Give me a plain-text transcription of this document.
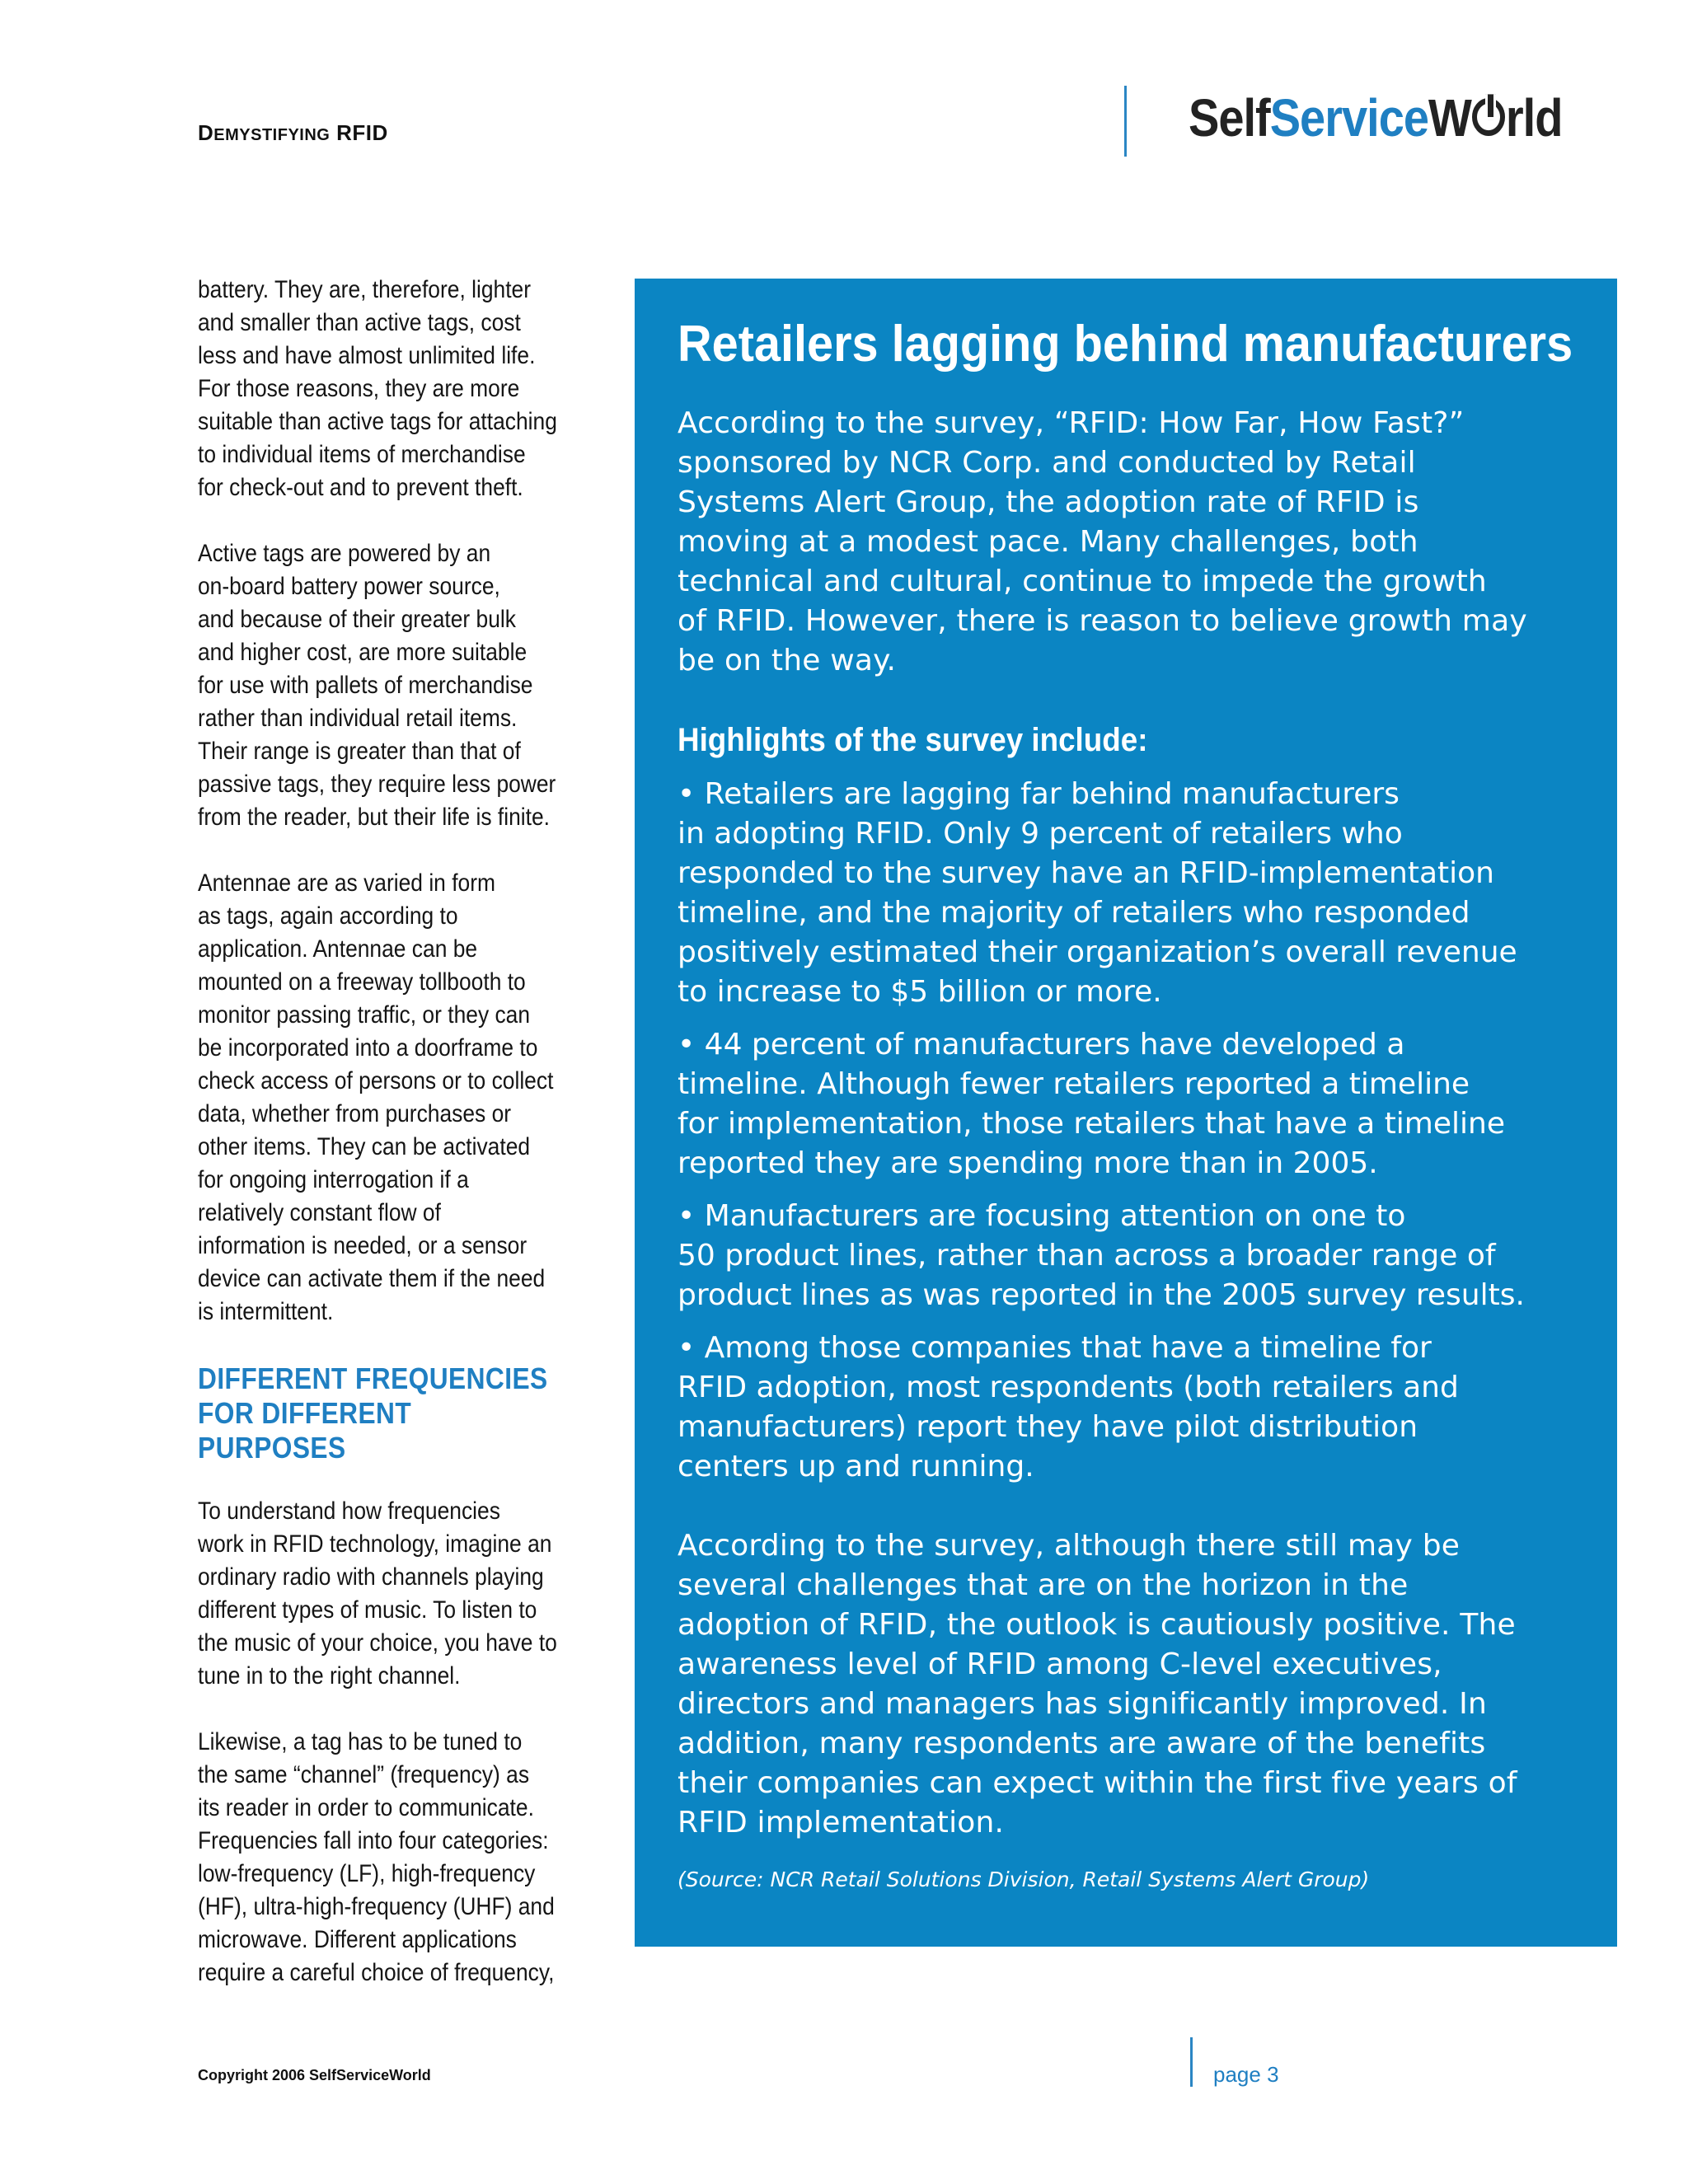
DEMYSTIFYING RFID	Self Service W rld

battery. They are, therefore, lighter
and smaller than active tags, cost
less and have almost unlimited life.
For those reasons, they are more
suitable than active tags for attaching
to individual items of merchandise
for check-out and to prevent theft.

Active tags are powered by an
on-board battery power source,
and because of their greater bulk
and higher cost, are more suitable
for use with pallets of merchandise
rather than individual retail items.
Their range is greater than that of
passive tags, they require less power
from the reader, but their life is finite.

Antennae are as varied in form
as tags, again according to
application. Antennae can be
mounted on a freeway tollbooth to
monitor passing traffic, or they can
be incorporated into a doorframe to
check access of persons or to collect
data, whether from purchases or
other items. They can be activated
for ongoing interrogation if a
relatively constant flow of
information is needed, or a sensor
device can activate them if the need
is intermittent.

DIFFERENT FREQUENCIES
FOR DIFFERENT PURPOSES

To understand how frequencies
work in RFID technology, imagine an
ordinary radio with channels playing
different types of music. To listen to
the music of your choice, you have to
tune in to the right channel.

Likewise, a tag has to be tuned to
the same “channel” (frequency) as
its reader in order to communicate.
Frequencies fall into four categories:
low-frequency (LF), high-frequency
(HF), ultra-high-frequency (UHF) and
microwave. Different applications
require a careful choice of frequency,

Retailers lagging behind manufacturers

According to the survey, “RFID: How Far, How Fast?”
sponsored by NCR Corp. and conducted by Retail
Systems Alert Group, the adoption rate of RFID is
moving at a modest pace. Many challenges, both
technical and cultural, continue to impede the growth
of RFID. However, there is reason to believe growth may
be on the way.

Highlights of the survey include:
• Retailers are lagging far behind manufacturers
in adopting RFID. Only 9 percent of retailers who
responded to the survey have an RFID-implementation
timeline, and the majority of retailers who responded
positively estimated their organization’s overall revenue
to increase to $5 billion or more.
• 44 percent of manufacturers have developed a
timeline. Although fewer retailers reported a timeline
for implementation, those retailers that have a timeline
reported they are spending more than in 2005.
• Manufacturers are focusing attention on one to
50 product lines, rather than across a broader range of
product lines as was reported in the 2005 survey results.
• Among those companies that have a timeline for
RFID adoption, most respondents (both retailers and
manufacturers) report they have pilot distribution
centers up and running.

According to the survey, although there still may be
several challenges that are on the horizon in the
adoption of RFID, the outlook is cautiously positive. The
awareness level of RFID among C-level executives,
directors and managers has significantly improved. In
addition, many respondents are aware of the benefits
their companies can expect within the first five years of
RFID implementation.

(Source: NCR Retail Solutions Division, Retail Systems Alert Group)
Copyright 2006 SelfServiceWorld	page 3
